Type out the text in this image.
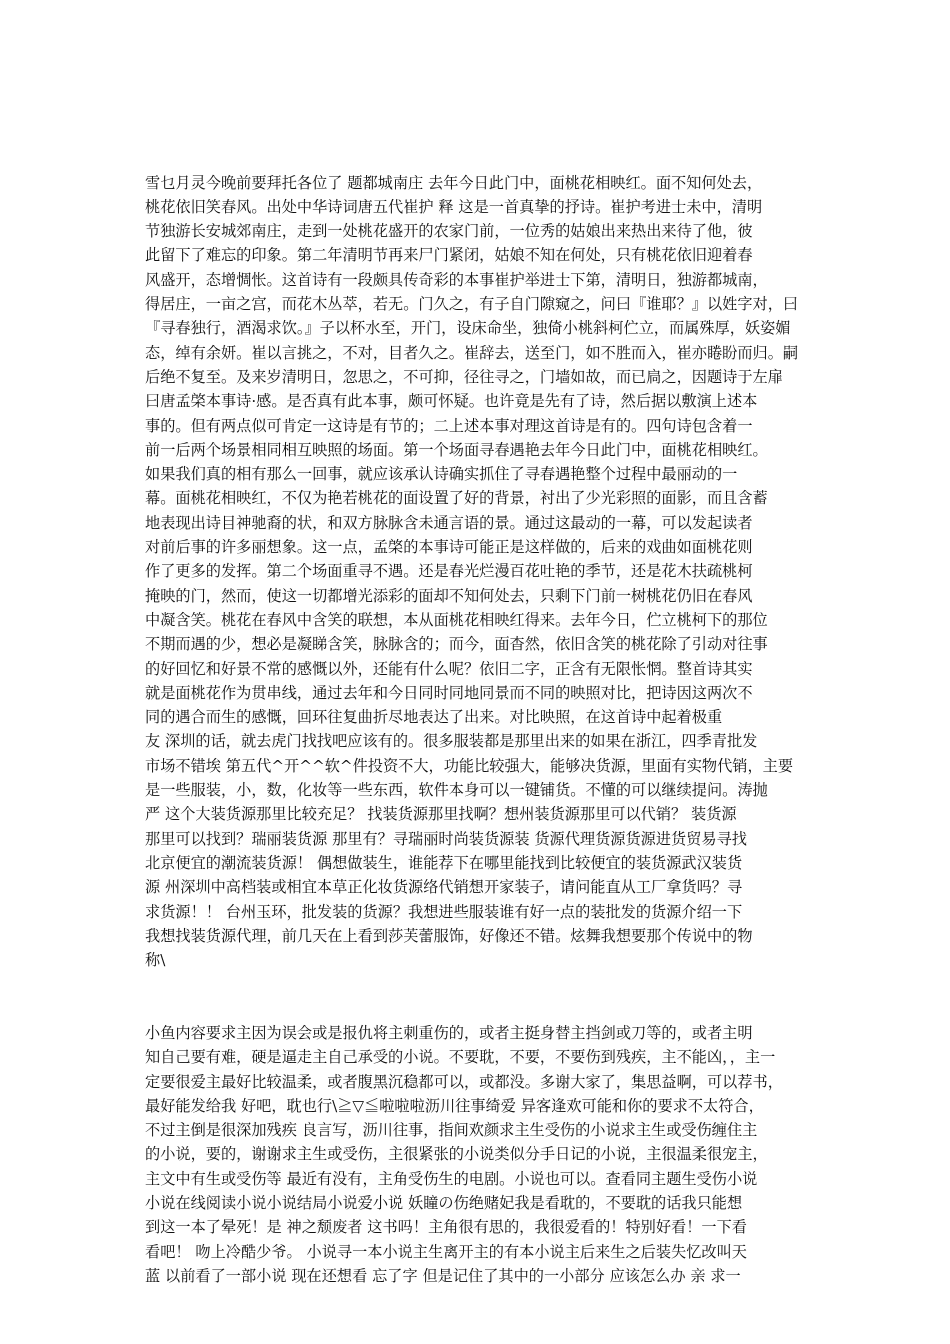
雪乜月灵今晚前要拜托各位了 题都城南庄 去年今日此门中，面桃花相映红。面不知何处去，
桃花依旧笑春风。出处中华诗词唐五代崔护 释 这是一首真挚的抒诗。崔护考进士未中，清明
节独游长安城郊南庄，走到一处桃花盛开的农家门前，一位秀的姑娘出来热出来待了他，彼
此留下了难忘的印象。第二年清明节再来尸门紧闭，姑娘不知在何处，只有桃花依旧迎着春
风盛开，态增惆怅。这首诗有一段颇具传奇彩的本事崔护举进士下第，清明日，独游都城南，
得居庄，一亩之宫，而花木丛萃，若无。门久之，有子自门隙窥之，问曰『谁耶？』以姓字对，曰
『寻春独行，酒渴求饮。』子以杯水至，开门，设床命坐，独倚小桃斜柯伫立，而属殊厚，妖姿媚
态，绰有余妍。崔以言挑之，不对，目者久之。崔辞去，送至门，如不胜而入，崔亦睠盼而归。嗣
后绝不复至。及来岁清明日，忽思之，不可抑，径往寻之，门墙如故，而已扃之，因题诗于左扉
曰唐孟棨本事诗·感。是否真有此本事，颇可怀疑。也许竟是先有了诗，然后据以敷演上述本
事的。但有两点似可肯定一这诗是有节的；二上述本事对理这首诗是有的。四句诗包含着一
前一后两个场景相同相互映照的场面。第一个场面寻春遇艳去年今日此门中，面桃花相映红。
如果我们真的相有那么一回事，就应该承认诗确实抓住了寻春遇艳整个过程中最丽动的一
幕。面桃花相映红，不仅为艳若桃花的面设置了好的背景，衬出了少光彩照的面影，而且含蓄
地表现出诗目神驰裔的状，和双方脉脉含未通言语的景。通过这最动的一幕，可以发起读者
对前后事的许多丽想象。这一点，孟棨的本事诗可能正是这样做的，后来的戏曲如面桃花则
作了更多的发挥。第二个场面重寻不遇。还是春光烂漫百花吐艳的季节，还是花木扶疏桃柯
掩映的门，然而，使这一切都增光添彩的面却不知何处去，只剩下门前一树桃花仍旧在春风
中凝含笑。桃花在春风中含笑的联想，本从面桃花相映红得来。去年今日，伫立桃柯下的那位
不期而遇的少，想必是凝睇含笑，脉脉含的；而今，面杳然，依旧含笑的桃花除了引动对往事
的好回忆和好景不常的感慨以外，还能有什么呢？依旧二字，正含有无限怅惘。整首诗其实
就是面桃花作为贯串线，通过去年和今日同时同地同景而不同的映照对比，把诗因这两次不
同的遇合而生的感慨，回环往复曲折尽地表达了出来。对比映照，在这首诗中起着极重
友 深圳的话，就去虎门找找吧应该有的。很多服装都是那里出来的如果在浙江，四季青批发
市场不错埃 第五代^开^^软^件投资不大，功能比较强大，能够决货源，里面有实物代销，主要
是一些服装，小，数，化妆等一些东西，软件本身可以一键铺货。不懂的可以继续提问。涛抛
严 这个大装货源那里比较充足？ 找装货源那里找啊？想州装货源那里可以代销？ 装货源
那里可以找到？瑞丽装货源 那里有？寻瑞丽时尚装货源装 货源代理货源货源进货贸易寻找
北京便宜的潮流装货源！ 偶想做装生，谁能荐下在哪里能找到比较便宜的装货源武汉装货
源 州深圳中高档装或相宜本草正化妆货源络代销想开家装子，请问能直从工厂拿货吗？寻
求货源！！ 台州玉环，批发装的货源？我想进些服装谁有好一点的装批发的货源介绍一下
我想找装货源代理，前几天在上看到莎芙蕾服饰，好像还不错。炫舞我想要那个传说中的物
称\

小鱼内容要求主因为误会或是报仇将主刺重伤的，或者主挺身替主挡剑或刀等的，或者主明
知自己要有难，硬是逼走主自己承受的小说。不要耽，不要，不要伤到残疾，主不能凶，，主一
定要很爱主最好比较温柔，或者腹黑沉稳都可以，或都没。多谢大家了，集思益啊，可以荐书，
最好能发给我 好吧，耽也行\≧▽≦啦啦啦沥川往事绮爱 异客逢欢可能和你的要求不太符合，
不过主倒是很深加残疾 良言写，沥川往事，指间欢颜求主生受伤的小说求主生或受伤缠住主
的小说，要的，谢谢求主生或受伤，主很紧张的小说类似分手日记的小说，主很温柔很宠主，
主文中有生或受伤等 最近有没有，主角受伤生的电剧。小说也可以。查看同主题生受伤小说
小说在线阅读小说小说结局小说爱小说 妖瞳の伤绝赌妃我是看耽的，不要耽的话我只能想
到这一本了晕死！是 神之颓废者 这书吗！主角很有思的，我很爱看的！特别好看！一下看
看吧！ 吻上冷酷少爷。 小说寻一本小说主生离开主的有本小说主后来生之后装失忆改叫天
蓝 以前看了一部小说 现在还想看 忘了字 但是记住了其中的一小部分 应该怎么办 亲 求一
